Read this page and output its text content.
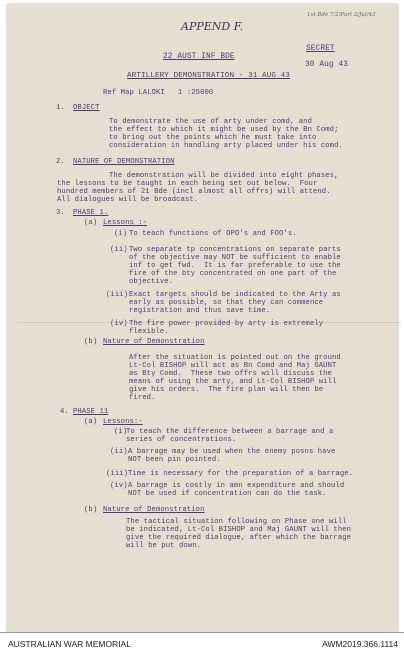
APPEND F.
1st Bde 7/2/Part 2/Jul/43
22 AUST INF BDE
SECRET
ARTILLERY DEMONSTRATION - 31 AUG 43
30 Aug 43
Ref Map LALOKI   1 :25000
1. OBJECT
To demonstrate the use of arty under comd, and
the effect to which it might be used by the Bn Comd;
to bring out the points which he must take into
consideration in handling arty placed under his comd.
2. NATURE OF DEMONSTRATION
The demonstration will be divided into eight phases,
the lessons to be taught in each being set out below.  Four
hundred members of 21 Bde (incl almost all offrs) will attend.
All dialogues will be broadcast.
3. PHASE 1.
(a) Lessons :-
(i) To teach functions of OPO's and FOO's.
(ii) Two separate tp concentrations on separate parts
of the objective may NOT be sufficient to enable
inf to get fwd.  It is far preferable to use the
fire of the bty concentrated on one part of the
objective.
(iii) Exact targets should be indicated to the Arty as
early as possible, so that they can commence
registration and thus save time.
(iv) The fire power provided by arty is extremely
flexible.
(b) Nature of Demonstration
After the situation is pointed out on the ground
Lt-Col BISHOP will act as Bn Comd and Maj GAUNT
as Bty Comd.  These two offrs will discuss the
means of using the arty, and Lt-Col BISHOP will
give his orders.  The fire plan will then be
fired.
4. PHASE 11
(a) Lessons:-
(i)
To teach the difference between a barrage and a
series of concentrations.
(ii) A barrage may be used when the enemy posns have
NOT been pin pointed.
(iii) Time is necessary for the preparation of a barrage.
(iv) A barrage is costly in amn expenditure and should
NOT be used if concentration can do the task.
(b) Nature of Demonstration
The tactical situation following on Phase one will
be indicated, Lt-Col BISHOP and Maj GAUNT will then
give the required dialogue, after which the barrage
will be put down.
AUSTRALIAN WAR MEMORIAL	AWM2019.366.1114
